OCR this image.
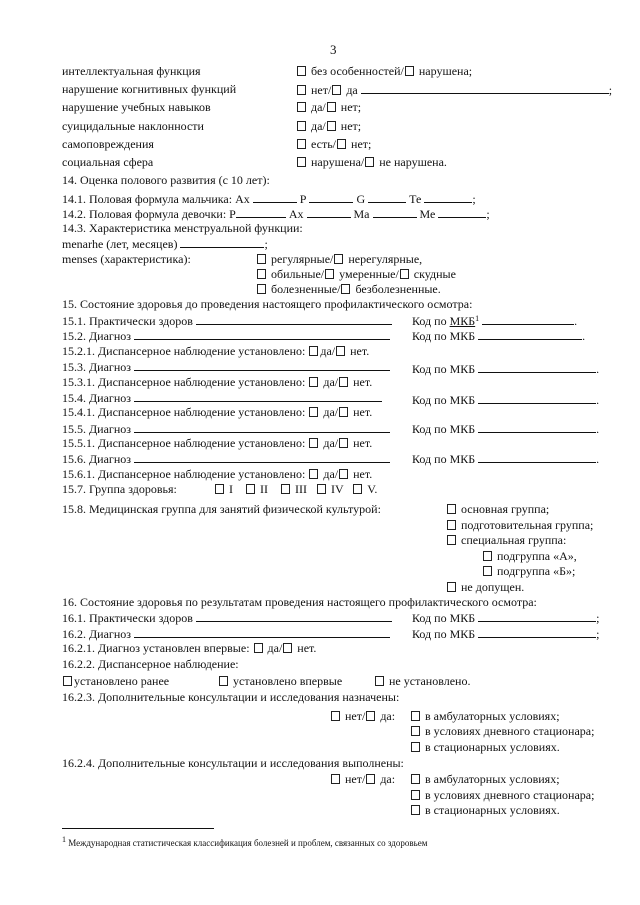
3
интеллектуальная функция	без особенностей/ нарушена;
нарушение когнитивных функций	нет/ да	;
нарушение учебных навыков	да/ нет;
суицидальные наклонности	да/ нет;
самоповреждения	есть/ нет;
социальная сфера	нарушена/ не нарушена.
14. Оценка полового развития (с 10 лет):
14.1. Половая формула мальчика: Ах	Р	G	Те	;
14.2. Половая формула девочки: Р	Ах	Ма	Ме	;
14.3. Характеристика менструальной функции:
menarhe (лет, месяцев)	;
menses (характеристика):	регулярные/ нерегулярные,
обильные/ умеренные/ скудные
болезненные/ безболезненные.
15. Состояние здоровья до проведения настоящего профилактического осмотра:
15.1. Практически здоров	Код по МКБ$^1$	.
15.2. Диагноз	Код по МКБ	.
15.2.1. Диспансерное наблюдение установлено: да/ нет.
15.3. Диагноз	Код по МКБ	.
15.3.1. Диспансерное наблюдение установлено: да/ нет.
15.4. Диагноз	Код по МКБ	.
15.4.1. Диспансерное наблюдение установлено: да/ нет.
15.5. Диагноз	Код по МКБ	.
15.5.1. Диспансерное наблюдение установлено: да/ нет.
15.6. Диагноз	Код по МКБ	.
15.6.1. Диспансерное наблюдение установлено: да/ нет.
15.7. Группа здоровья:	I II III IV V.
15.8. Медицинская группа для занятий физической культурой:	основная группа;
подготовительная группа;
специальная группа:
подгруппа «А»,
подгруппа «Б»;
не допущен.
16. Состояние здоровья по результатам проведения настоящего профилактического осмотра:
16.1. Практически здоров	Код по МКБ	;
16.2. Диагноз	Код по МКБ	;
16.2.1. Диагноз установлен впервые: да/ нет.
16.2.2. Диспансерное наблюдение:
установлено ранее	установлено впервые	не установлено.
16.2.3. Дополнительные консультации и исследования назначены:
нет/ да:	в амбулаторных условиях;
в условиях дневного стационара;
в стационарных условиях.
16.2.4. Дополнительные консультации и исследования выполнены:
нет/ да:	в амбулаторных условиях;
в условиях дневного стационара;
в стационарных условиях.
$^1$ Международная статистическая классификация болезней и проблем, связанных со здоровьем
